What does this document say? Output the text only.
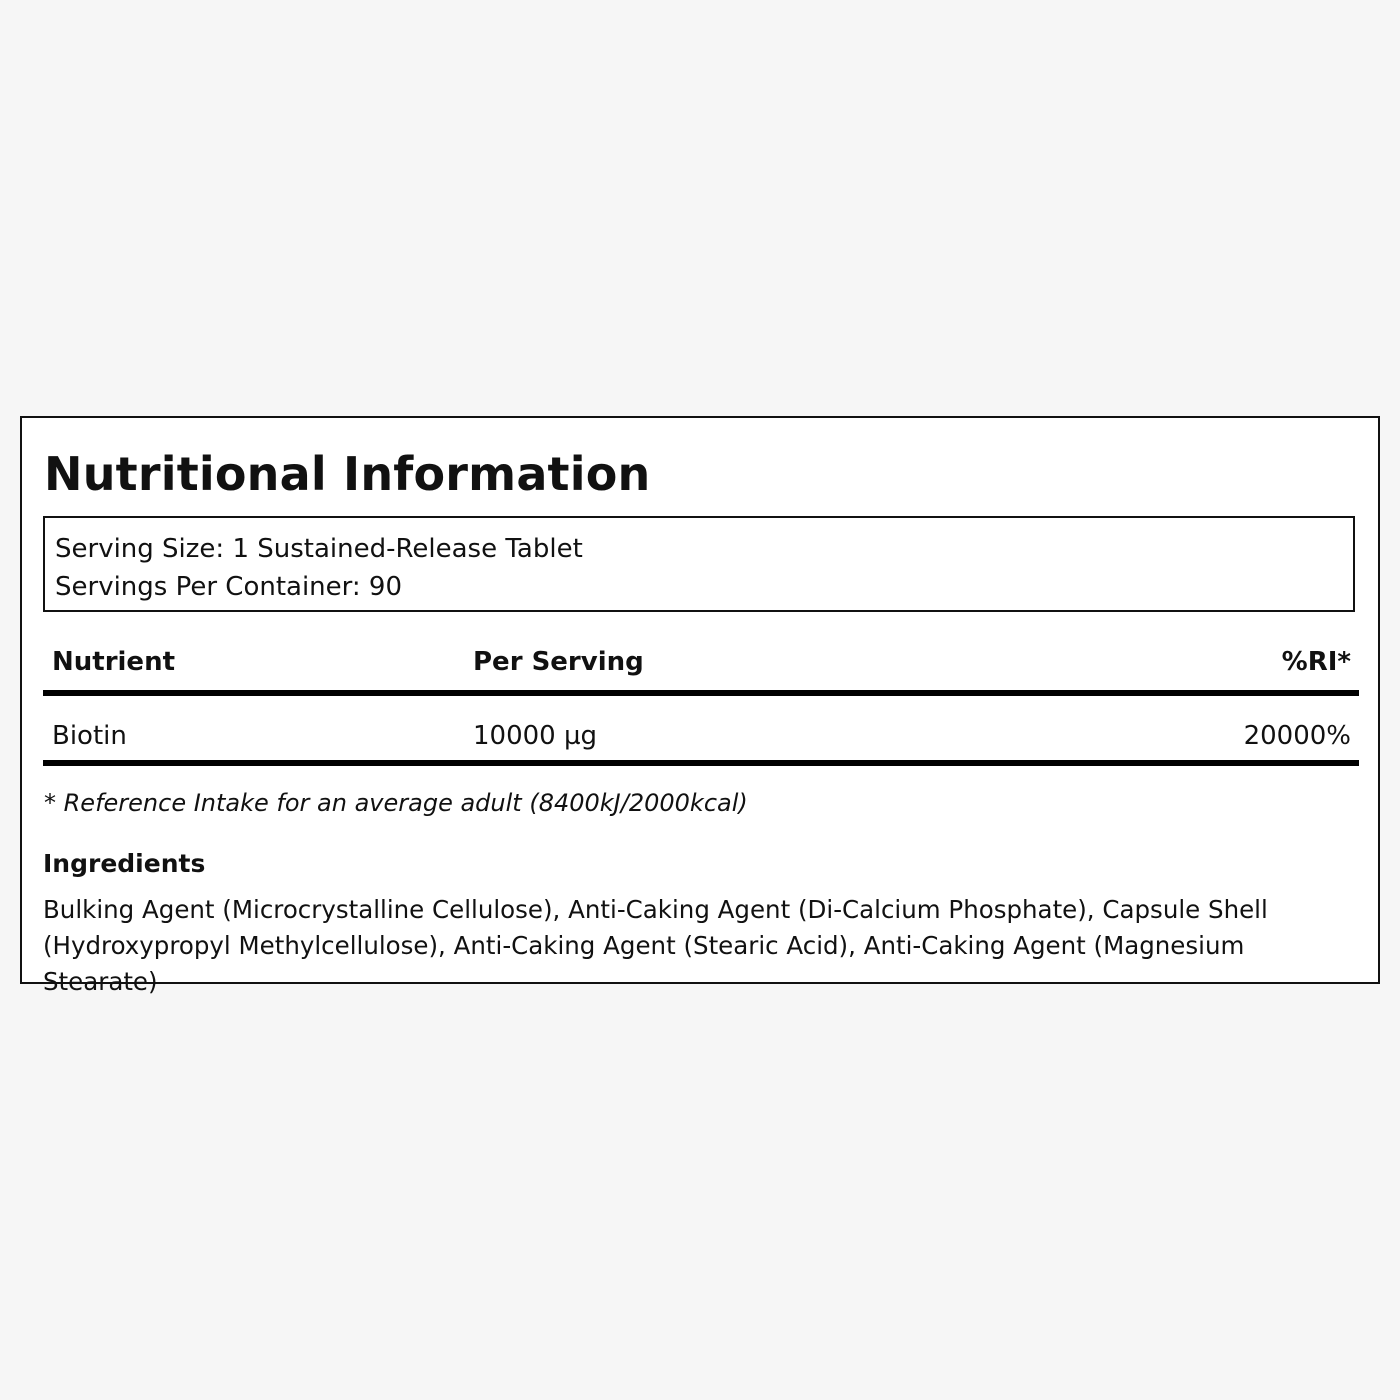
Nutritional Information
Serving Size: 1 Sustained-Release Tablet
Servings Per Container: 90
Nutrient	Per Serving	%RI*
Biotin	10000 µg	20000%
* Reference Intake for an average adult (8400kJ/2000kcal)
Ingredients
Bulking Agent (Microcrystalline Cellulose), Anti-Caking Agent (Di-Calcium Phosphate), Capsule Shell (Hydroxypropyl Methylcellulose), Anti-Caking Agent (Stearic Acid), Anti-Caking Agent (Magnesium Stearate)
